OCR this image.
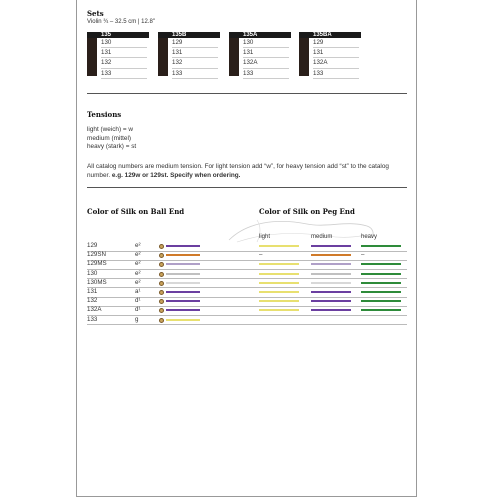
Sets
Violin ¾ – 32.5 cm | 12.8"
135
130
131
132
133
135B
129
131
132
133
135A
130
131
132A
133
135BA
129
131
132A
133
Tensions
light (weich) = w
medium (mittel)
heavy (stark) = st
All catalog numbers are medium tension. For light tension add “w”, for heavy tension add “st” to the catalog number. e.g. 129w or 129st. Specify when ordering.
Color of Silk on Ball End	Color of Silk on Peg End
light	medium	heavy
129	e²
129SN	e²	–	–
129MS	e²
130	e²
130MS	e²
131	a¹
132	d¹
132A	d¹
133	g
